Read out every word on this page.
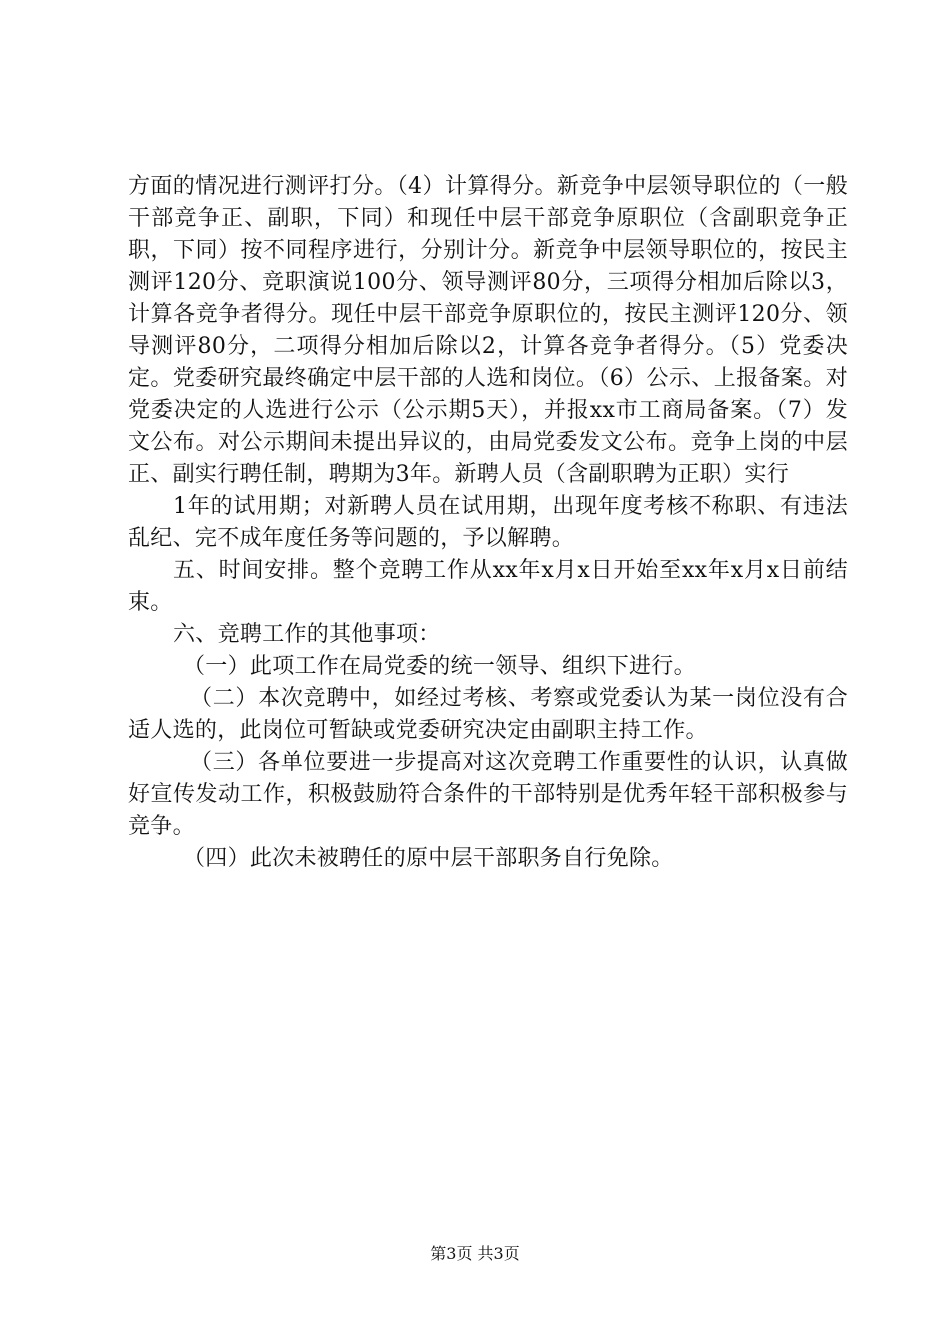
方面的情况进行测评打分。（4）计算得分。新竞争中层领导职位的（一般干部竞争正、副职，下同）和现任中层干部竞争原职位（含副职竞争正职，下同）按不同程序进行，分别计分。新竞争中层领导职位的，按民主测评120分、竞职演说100分、领导测评80分，三项得分相加后除以3，计算各竞争者得分。现任中层干部竞争原职位的，按民主测评120分、领导测评80分，二项得分相加后除以2，计算各竞争者得分。（5）党委决定。党委研究最终确定中层干部的人选和岗位。（6）公示、上报备案。对党委决定的人选进行公示（公示期5天），并报xx市工商局备案。（7）发文公布。对公示期间未提出异议的，由局党委发文公布。竞争上岗的中层正、副实行聘任制，聘期为3年。新聘人员（含副职聘为正职）实行

1年的试用期；对新聘人员在试用期，出现年度考核不称职、有违法乱纪、完不成年度任务等问题的，予以解聘。

五、时间安排。整个竞聘工作从xx年x月x日开始至xx年x月x日前结束。

六、竞聘工作的其他事项：

（一）此项工作在局党委的统一领导、组织下进行。

（二）本次竞聘中，如经过考核、考察或党委认为某一岗位没有合适人选的，此岗位可暂缺或党委研究决定由副职主持工作。

（三）各单位要进一步提高对这次竞聘工作重要性的认识，认真做好宣传发动工作，积极鼓励符合条件的干部特别是优秀年轻干部积极参与竞争。

（四）此次未被聘任的原中层干部职务自行免除。

第3页 共3页
